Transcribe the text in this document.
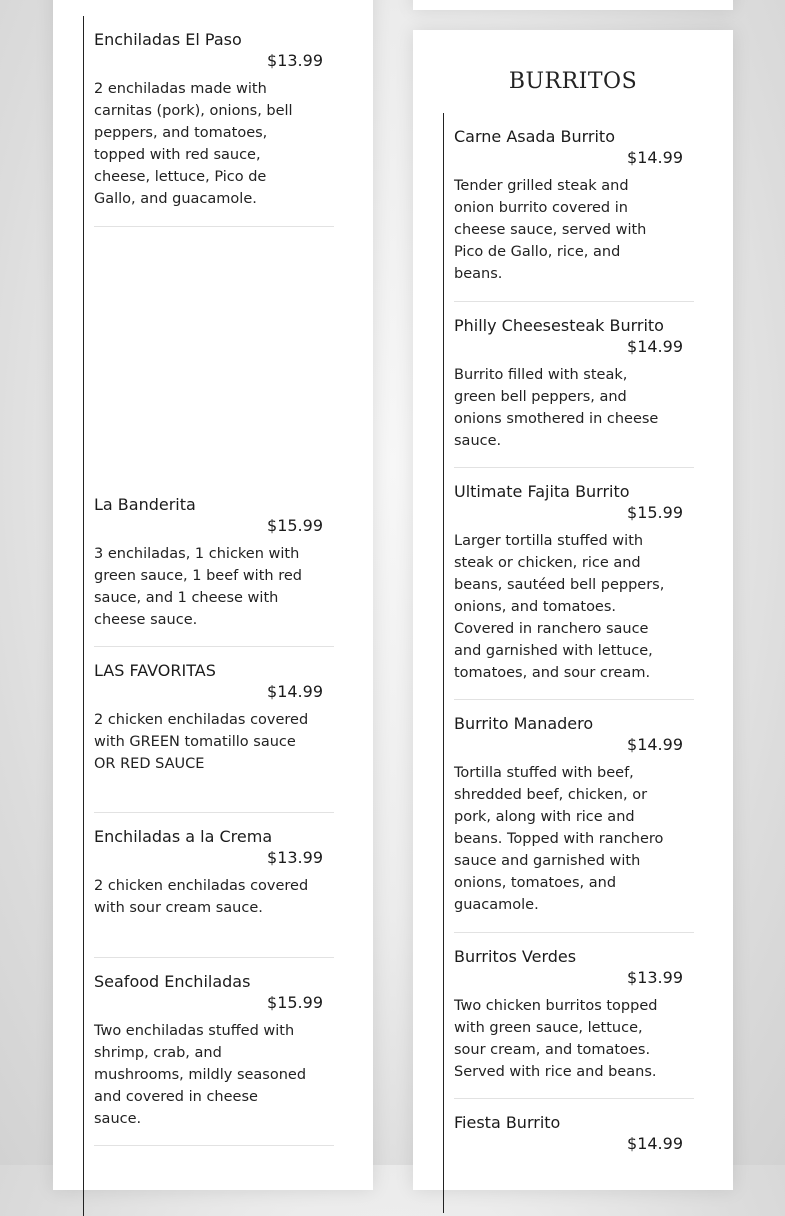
Enchiladas El Paso
$13.99
2 enchiladas made with carnitas (pork), onions, bell peppers, and tomatoes, topped with red sauce, cheese, lettuce, Pico de Gallo, and guacamole.
La Banderita
$15.99
3 enchiladas, 1 chicken with green sauce, 1 beef with red sauce, and 1 cheese with cheese sauce.
LAS FAVORITAS
$14.99
2 chicken enchiladas covered with GREEN tomatillo sauce OR RED SAUCE
Enchiladas a la Crema
$13.99
2 chicken enchiladas covered with sour cream sauce.
Seafood Enchiladas
$15.99
Two enchiladas stuffed with shrimp, crab, and mushrooms, mildly seasoned and covered in cheese sauce.
BURRITOS
Carne Asada Burrito
$14.99
Tender grilled steak and onion burrito covered in cheese sauce, served with Pico de Gallo, rice, and beans.
Philly Cheesesteak Burrito
$14.99
Burrito filled with steak, green bell peppers, and onions smothered in cheese sauce.
Ultimate Fajita Burrito
$15.99
Larger tortilla stuffed with steak or chicken, rice and beans, sautéed bell peppers, onions, and tomatoes. Covered in ranchero sauce and garnished with lettuce, tomatoes, and sour cream.
Burrito Manadero
$14.99
Tortilla stuffed with beef, shredded beef, chicken, or pork, along with rice and beans. Topped with ranchero sauce and garnished with onions, tomatoes, and guacamole.
Burritos Verdes
$13.99
Two chicken burritos topped with green sauce, lettuce, sour cream, and tomatoes. Served with rice and beans.
Fiesta Burrito
$14.99
